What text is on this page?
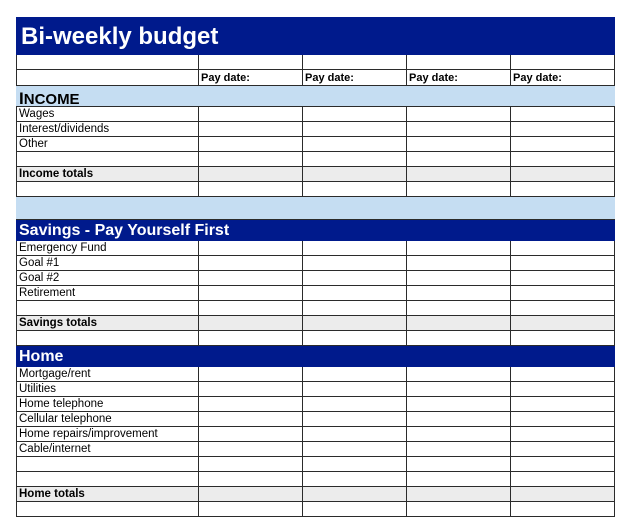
Bi-weekly budget				

	Pay date:	Pay date:	Pay date:	Pay date:
INCOME				
Wages				
Interest/dividends				
Other				

Income totals				

Savings - Pay Yourself First				
Emergency Fund				
Goal #1				
Goal #2				
Retirement				

Savings totals				

Home				
Mortgage/rent				
Utilities				
Home telephone				
Cellular telephone				
Home repairs/improvement				
Cable/internet				

Home totals				
